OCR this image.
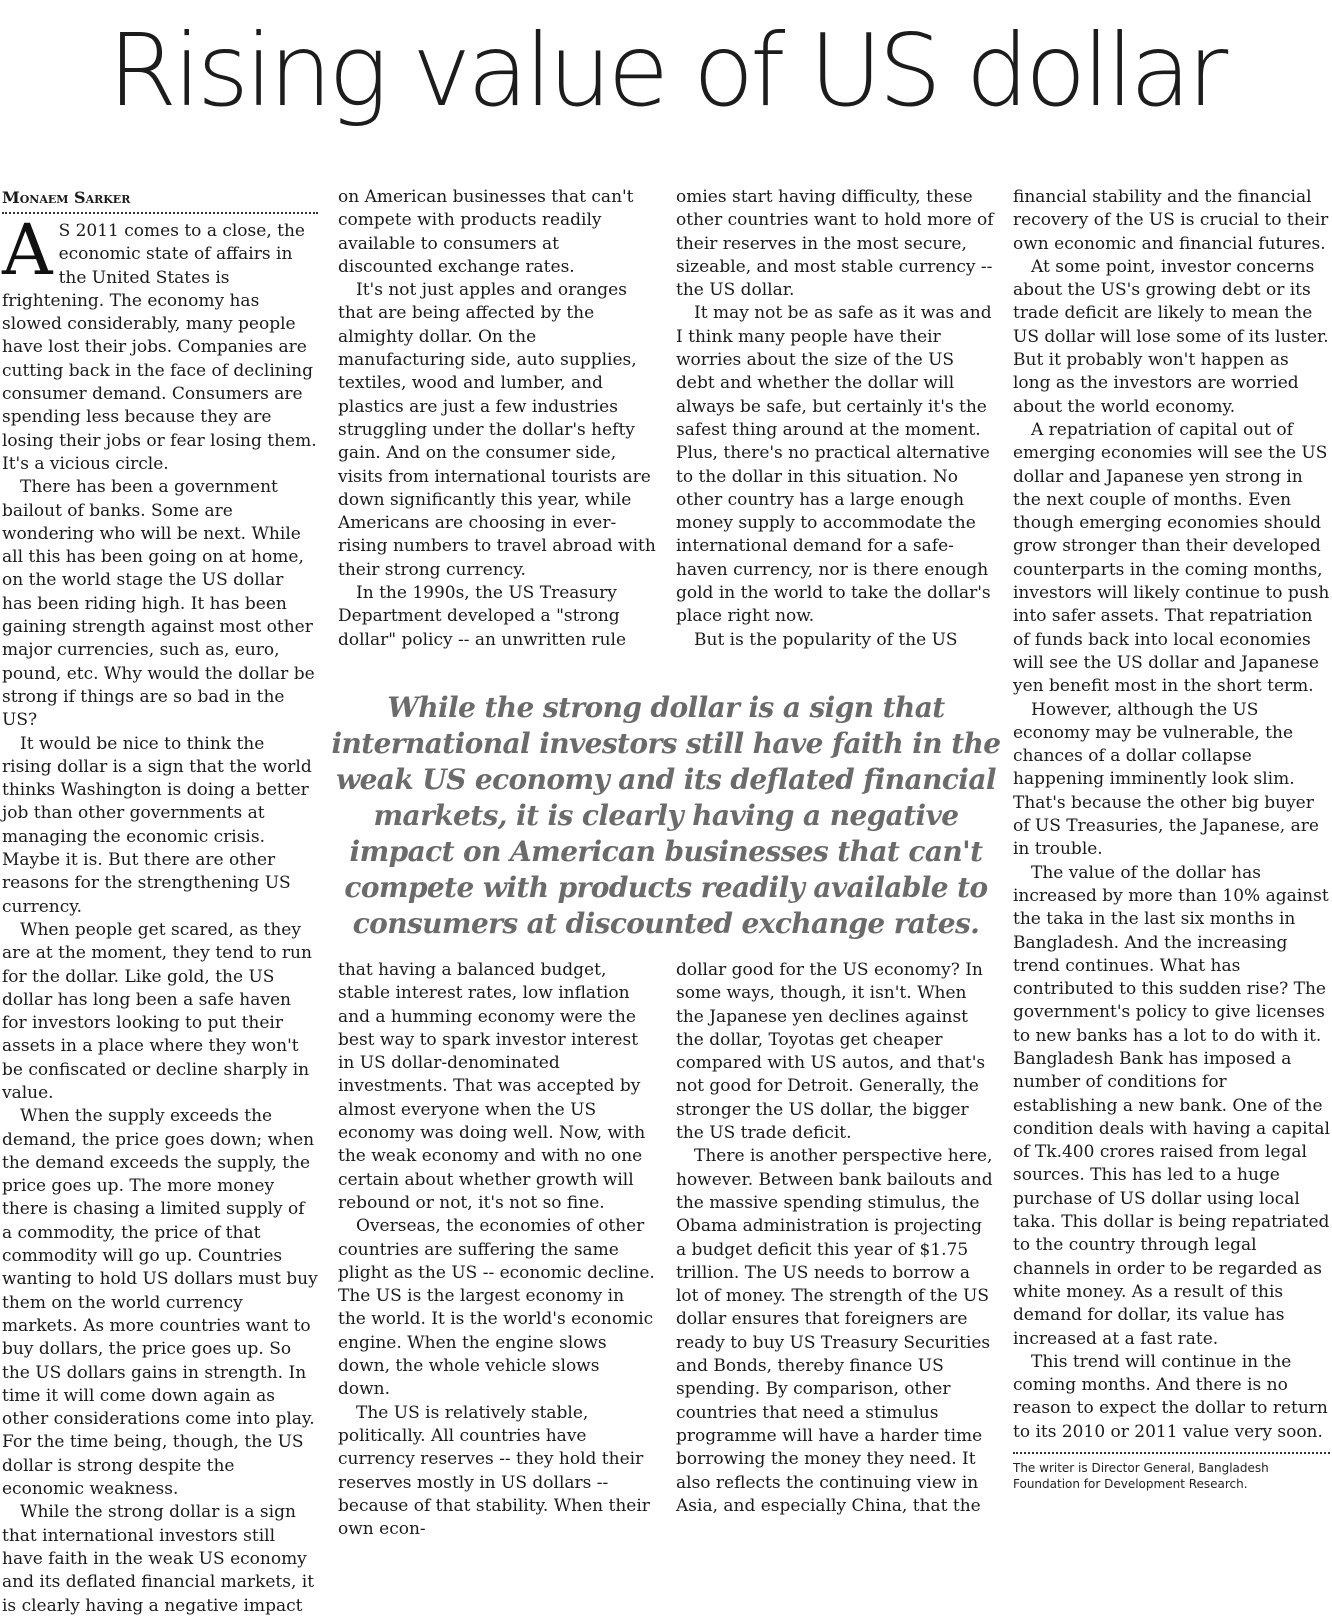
Rising value of US dollar
Monaem Sarker

A S 2011 comes to a close, the economic state of affairs in the United States is frightening. The economy has slowed considerably, many people have lost their jobs. Companies are cutting back in the face of declining consumer demand. Consumers are spending less because they are losing their jobs or fear losing them. It's a vicious circle.

There has been a government bailout of banks. Some are wondering who will be next. While all this has been going on at home, on the world stage the US dollar has been riding high. It has been gaining strength against most other major currencies, such as, euro, pound, etc. Why would the dollar be strong if things are so bad in the US?

It would be nice to think the rising dollar is a sign that the world thinks Washington is doing a better job than other governments at managing the economic crisis. Maybe it is. But there are other reasons for the strengthening US currency.

When people get scared, as they are at the moment, they tend to run for the dollar. Like gold, the US dollar has long been a safe haven for investors looking to put their assets in a place where they won't be confiscated or decline sharply in value.

When the supply exceeds the demand, the price goes down; when the demand exceeds the supply, the price goes up. The more money there is chasing a limited supply of a commodity, the price of that commodity will go up. Countries wanting to hold US dollars must buy them on the world currency markets. As more countries want to buy dollars, the price goes up. So the US dollars gains in strength. In time it will come down again as other considerations come into play. For the time being, though, the US dollar is strong despite the economic weakness.

While the strong dollar is a sign that international investors still have faith in the weak US economy and its deflated financial markets, it is clearly having a negative impact

on American businesses that can't compete with products readily available to consumers at discounted exchange rates.

It's not just apples and oranges that are being affected by the almighty dollar. On the manufacturing side, auto supplies, textiles, wood and lumber, and plastics are just a few industries struggling under the dollar's hefty gain. And on the consumer side, visits from international tourists are down significantly this year, while Americans are choosing in ever-rising numbers to travel abroad with their strong currency.

In the 1990s, the US Treasury Department developed a "strong dollar" policy -- an unwritten rule

omies start having difficulty, these other countries want to hold more of their reserves in the most secure, sizeable, and most stable currency -- the US dollar.

It may not be as safe as it was and I think many people have their worries about the size of the US debt and whether the dollar will always be safe, but certainly it's the safest thing around at the moment. Plus, there's no practical alternative to the dollar in this situation. No other country has a large enough money supply to accommodate the international demand for a safe-haven currency, nor is there enough gold in the world to take the dollar's place right now.

But is the popularity of the US

While the strong dollar is a sign that international investors still have faith in the weak US economy and its deflated financial markets, it is clearly having a negative impact on American businesses that can't compete with products readily available to consumers at discounted exchange rates.

that having a balanced budget, stable interest rates, low inflation and a humming economy were the best way to spark investor interest in US dollar-denominated investments. That was accepted by almost everyone when the US economy was doing well. Now, with the weak economy and with no one certain about whether growth will rebound or not, it's not so fine.

Overseas, the economies of other countries are suffering the same plight as the US -- economic decline. The US is the largest economy in the world. It is the world's economic engine. When the engine slows down, the whole vehicle slows down.

The US is relatively stable, politically. All countries have currency reserves -- they hold their reserves mostly in US dollars -- because of that stability. When their own econ-

dollar good for the US economy? In some ways, though, it isn't. When the Japanese yen declines against the dollar, Toyotas get cheaper compared with US autos, and that's not good for Detroit. Generally, the stronger the US dollar, the bigger the US trade deficit.

There is another perspective here, however. Between bank bailouts and the massive spending stimulus, the Obama administration is projecting a budget deficit this year of $1.75 trillion. The US needs to borrow a lot of money. The strength of the US dollar ensures that foreigners are ready to buy US Treasury Securities and Bonds, thereby finance US spending. By comparison, other countries that need a stimulus programme will have a harder time borrowing the money they need. It also reflects the continuing view in Asia, and especially China, that the

financial stability and the financial recovery of the US is crucial to their own economic and financial futures.

At some point, investor concerns about the US's growing debt or its trade deficit are likely to mean the US dollar will lose some of its luster. But it probably won't happen as long as the investors are worried about the world economy.

A repatriation of capital out of emerging economies will see the US dollar and Japanese yen strong in the next couple of months. Even though emerging economies should grow stronger than their developed counterparts in the coming months, investors will likely continue to push into safer assets. That repatriation of funds back into local economies will see the US dollar and Japanese yen benefit most in the short term.

However, although the US economy may be vulnerable, the chances of a dollar collapse happening imminently look slim. That's because the other big buyer of US Treasuries, the Japanese, are in trouble.

The value of the dollar has increased by more than 10% against the taka in the last six months in Bangladesh. And the increasing trend continues. What has contributed to this sudden rise? The government's policy to give licenses to new banks has a lot to do with it. Bangladesh Bank has imposed a number of conditions for establishing a new bank. One of the condition deals with having a capital of Tk.400 crores raised from legal sources. This has led to a huge purchase of US dollar using local taka. This dollar is being repatriated to the country through legal channels in order to be regarded as white money. As a result of this demand for dollar, its value has increased at a fast rate.

This trend will continue in the coming months. And there is no reason to expect the dollar to return to its 2010 or 2011 value very soon.

The writer is Director General, Bangladesh Foundation for Development Research.
